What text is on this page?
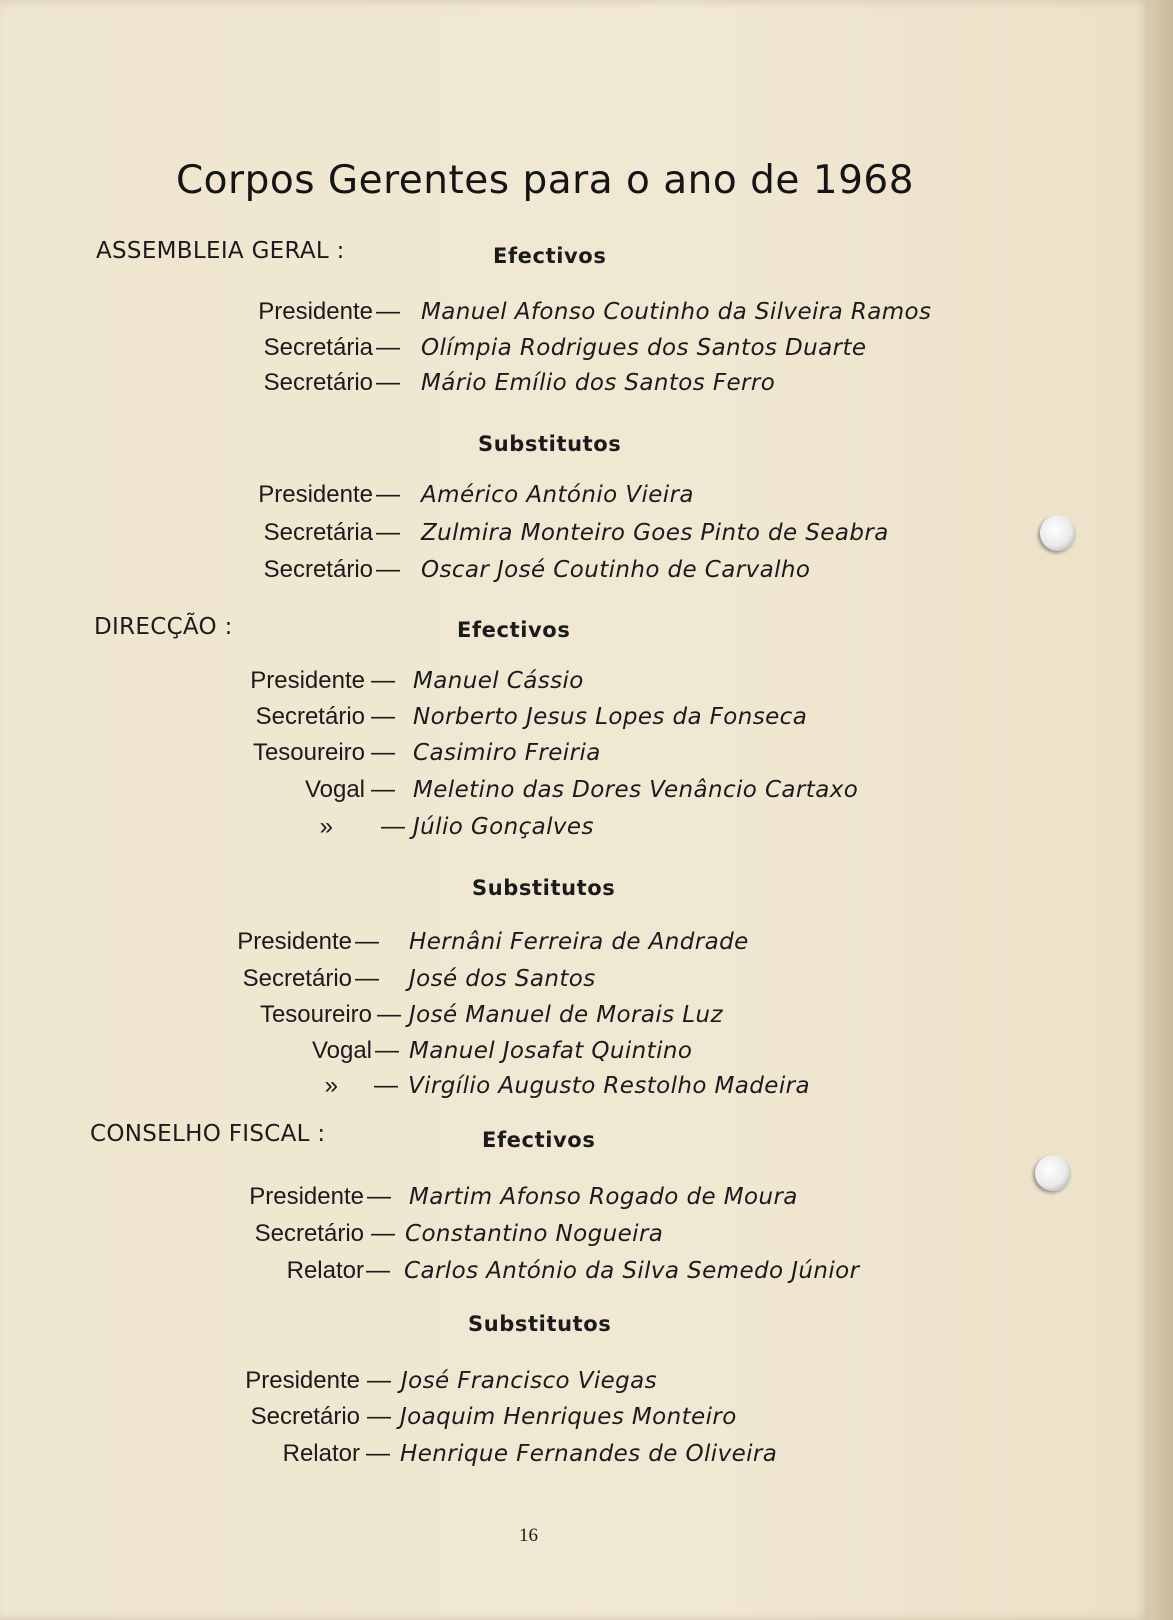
Corpos Gerentes para o ano de 1968
ASSEMBLEIA GERAL :	Efectivos
Presidente — Manuel Afonso Coutinho da Silveira Ramos
Secretária — Olímpia Rodrigues dos Santos Duarte
Secretário — Mário Emílio dos Santos Ferro
Substitutos
Presidente — Américo António Vieira
Secretária — Zulmira Monteiro Goes Pinto de Seabra
Secretário — Oscar José Coutinho de Carvalho
DIRECÇÃO :	Efectivos
Presidente — Manuel Cássio
Secretário — Norberto Jesus Lopes da Fonseca
Tesoureiro — Casimiro Freiria
Vogal — Meletino das Dores Venâncio Cartaxo
» — Júlio Gonçalves
Substitutos
Presidente — Hernâni Ferreira de Andrade
Secretário — José dos Santos
Tesoureiro — José Manuel de Morais Luz
Vogal — Manuel Josafat Quintino
» — Virgílio Augusto Restolho Madeira
CONSELHO FISCAL :	Efectivos
Presidente — Martim Afonso Rogado de Moura
Secretário — Constantino Nogueira
Relator — Carlos António da Silva Semedo Júnior
Substitutos
Presidente — José Francisco Viegas
Secretário — Joaquim Henriques Monteiro
Relator — Henrique Fernandes de Oliveira
16
